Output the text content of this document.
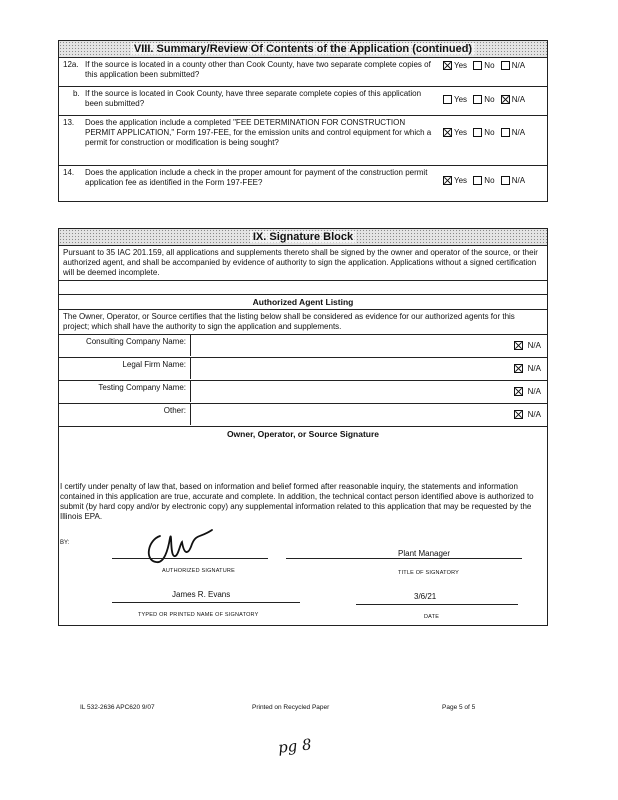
VIII. Summary/Review Of Contents of the Application (continued)
12a. If the source is located in a county other than Cook County, have two separate complete copies of this application been submitted?
Yes No N/A
b. If the source is located in Cook County, have three separate complete copies of this application been submitted?	Yes No N/A
13. Does the application include a completed "FEE DETERMINATION FOR CONSTRUCTION PERMIT APPLICATION," Form 197-FEE, for the emission units and control equipment for which a permit for construction or modification is being sought?
Yes No N/A
14. Does the application include a check in the proper amount for payment of the construction permit application fee as identified in the Form 197-FEE?	Yes No N/A
IX. Signature Block
Pursuant to 35 IAC 201.159, all applications and supplements thereto shall be signed by the owner and operator of the source, or their authorized agent, and shall be accompanied by evidence of authority to sign the application. Applications without a signed certification will be deemed incomplete.
Authorized Agent Listing
The Owner, Operator, or Source certifies that the listing below shall be considered as evidence for our authorized agents for this project; which shall have the authority to sign the application and supplements.
Consulting Company Name:	N/A
Legal Firm Name:	N/A
Testing Company Name:	N/A
Other:	N/A
Owner, Operator, or Source Signature
I certify under penalty of law that, based on information and belief formed after reasonable inquiry, the statements and information contained in this application are true, accurate and complete. In addition, the technical contact person identified above is authorized to submit (by hard copy and/or by electronic copy) any supplemental information related to this application that may be requested by the Illinois EPA.
BY:
Plant Manager
AUTHORIZED SIGNATURE	TITLE OF SIGNATORY
James R. Evans	3/6/21
TYPED OR PRINTED NAME OF SIGNATORY	DATE
IL 532-2636 APC620 9/07	Printed on Recycled Paper	Page 5 of 5
pg 8
